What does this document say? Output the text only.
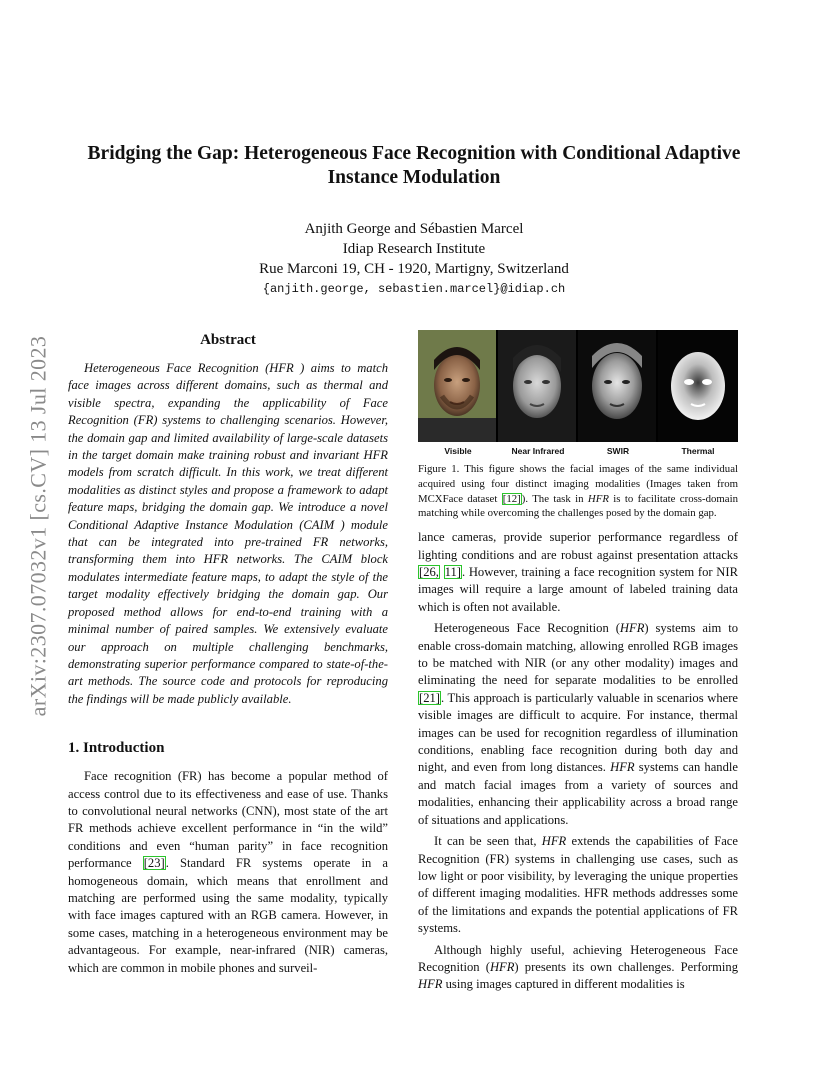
arXiv:2307.07032v1 [cs.CV] 13 Jul 2023
Bridging the Gap: Heterogeneous Face Recognition with Conditional Adaptive
Instance Modulation
Anjith George and Sébastien Marcel
Idiap Research Institute
Rue Marconi 19, CH - 1920, Martigny, Switzerland
{anjith.george, sebastien.marcel}@idiap.ch
Abstract

Heterogeneous Face Recognition (HFR ) aims to match face images across different domains, such as thermal and visible spectra, expanding the applicability of Face Recognition (FR) systems to challenging scenarios. However, the domain gap and limited availability of large-scale datasets in the target domain make training robust and invariant HFR models from scratch difficult. In this work, we treat different modalities as distinct styles and propose a framework to adapt feature maps, bridging the domain gap. We introduce a novel Conditional Adaptive Instance Modulation (CAIM ) module that can be integrated into pre-trained FR networks, transforming them into HFR networks. The CAIM block modulates intermediate feature maps, to adapt the style of the target modality effectively bridging the domain gap. Our proposed method allows for end-to-end training with a minimal number of paired samples. We extensively evaluate our approach on multiple challenging benchmarks, demonstrating superior performance compared to state-of-the-art methods. The source code and protocols for reproducing the findings will be made publicly available.

1. Introduction

Face recognition (FR) has become a popular method of access control due to its effectiveness and ease of use. Thanks to convolutional neural networks (CNN), most state of the art FR methods achieve excellent performance in “in the wild” conditions and even “human parity” in face recognition performance [23]. Standard FR systems operate in a homogeneous domain, which means that enrollment and matching are performed using the same modality, typically with face images captured with an RGB camera. However, in some cases, matching in a heterogeneous environment may be advantageous. For example, near-infrared (NIR) cameras, which are common in mobile phones and surveil-

Visible	Near Infrared	SWIR	Thermal

Figure 1. This figure shows the facial images of the same individual acquired using four distinct imaging modalities (Images taken from MCXFace dataset [12]). The task in HFR is to facilitate cross-domain matching while overcoming the challenges posed by the domain gap.

lance cameras, provide superior performance regardless of lighting conditions and are robust against presentation attacks [26, 11]. However, training a face recognition system for NIR images will require a large amount of labeled training data which is often not available.

Heterogeneous Face Recognition (HFR) systems aim to enable cross-domain matching, allowing enrolled RGB images to be matched with NIR (or any other modality) images and eliminating the need for separate modalities to be enrolled [21]. This approach is particularly valuable in scenarios where visible images are difficult to acquire. For instance, thermal images can be used for recognition regardless of illumination conditions, enabling face recognition during both day and night, and even from long distances. HFR systems can handle and match facial images from a variety of sources and modalities, enhancing their applicability across a broad range of situations and applications.

It can be seen that, HFR extends the capabilities of Face Recognition (FR) systems in challenging use cases, such as low light or poor visibility, by leveraging the unique properties of different imaging modalities. HFR methods addresses some of the limitations and expands the potential applications of FR systems.

Although highly useful, achieving Heterogeneous Face Recognition (HFR) presents its own challenges. Performing HFR using images captured in different modalities is
